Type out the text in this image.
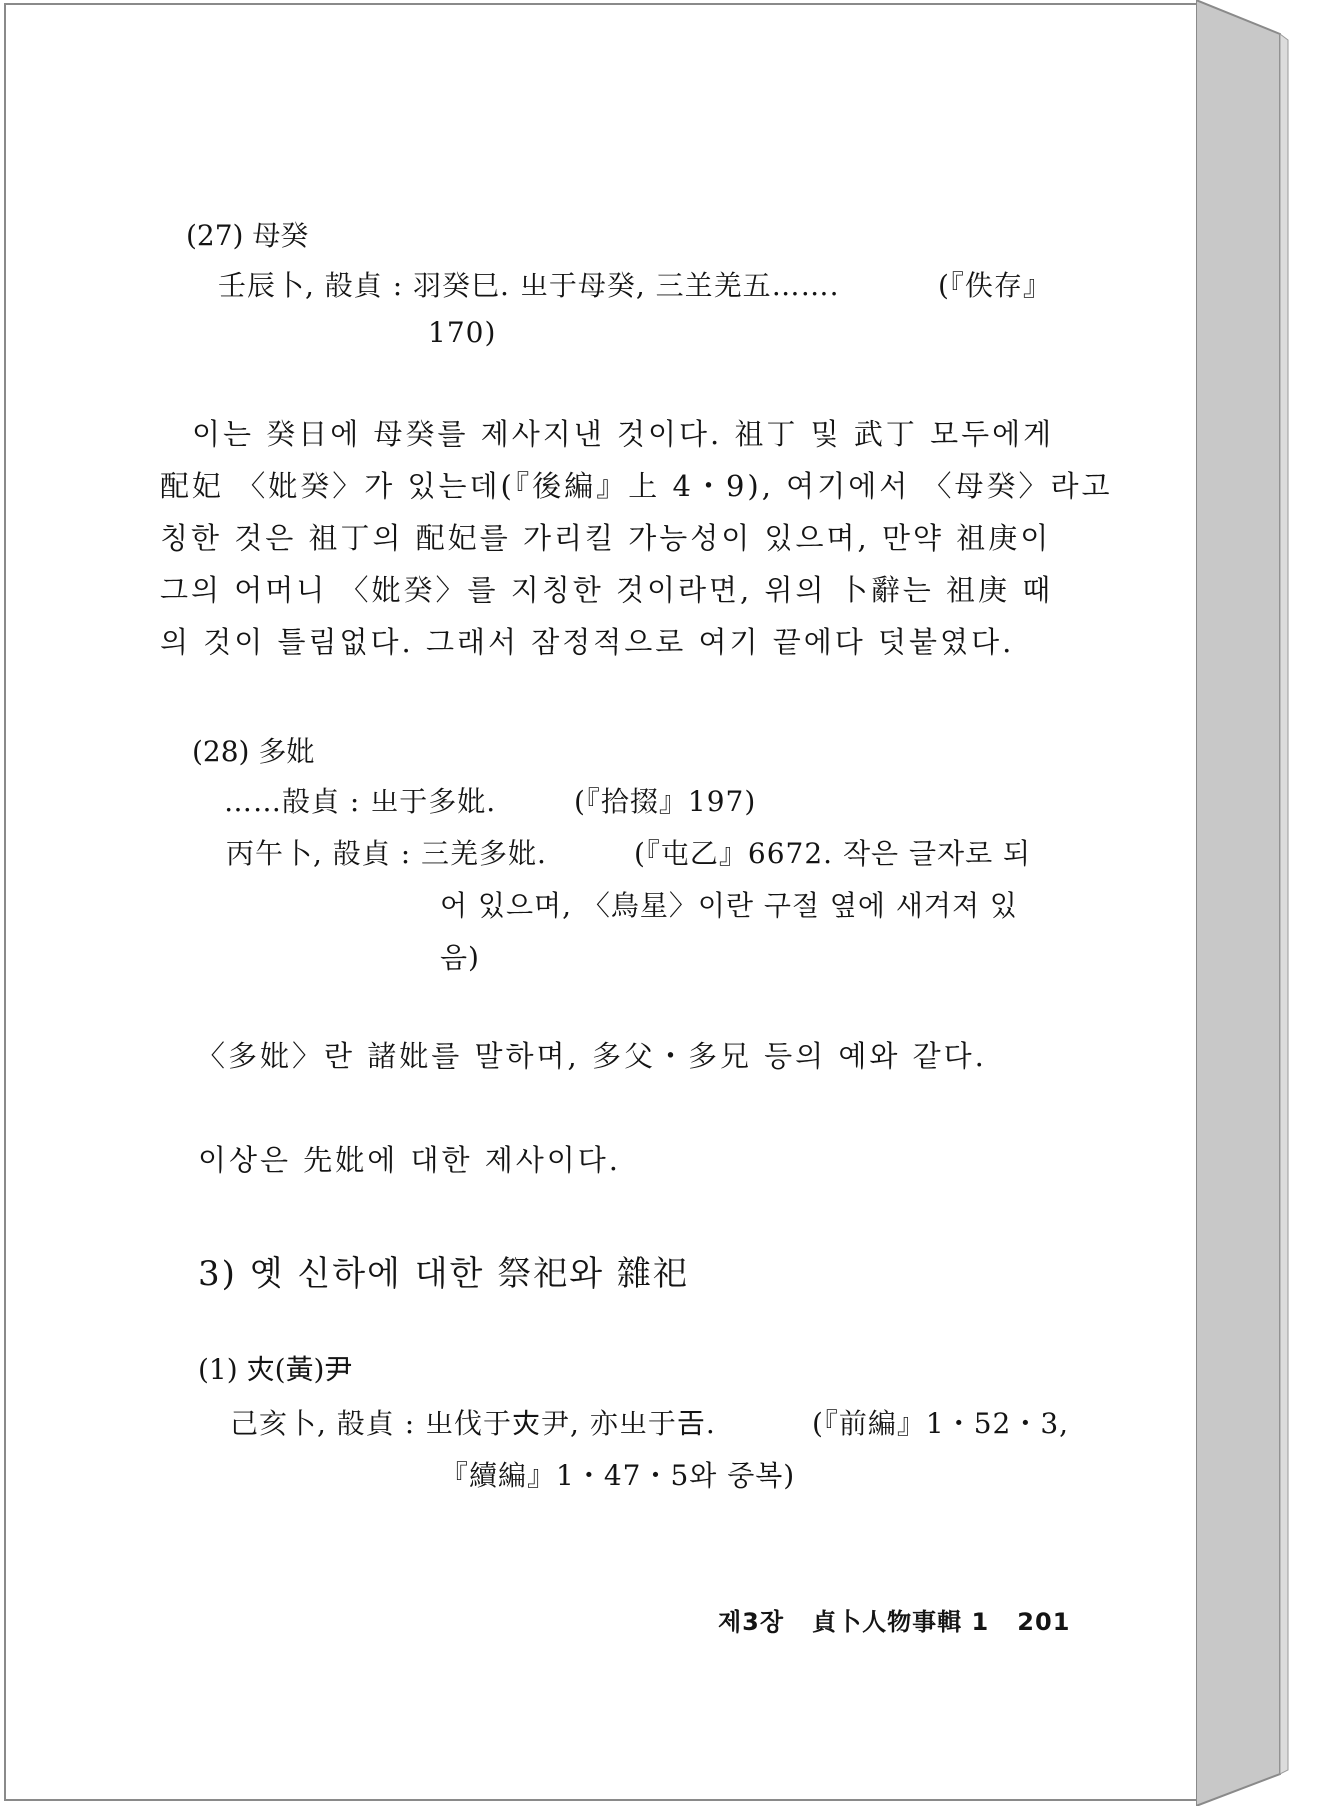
(27) 母癸
壬辰卜, 㱿貞 : 羽癸巳. 㞢于母癸, 三𦍌羌五…….	(『佚存』
170)
이는 癸日에 母癸를 제사지낸 것이다. 祖丁 및 武丁 모두에게
配妃 〈妣癸〉가 있는데(『後編』上 4・9), 여기에서 〈母癸〉라고
칭한 것은 祖丁의 配妃를 가리킬 가능성이 있으며, 만약 祖庚이
그의 어머니 〈妣癸〉를 지칭한 것이라면, 위의 卜辭는 祖庚 때
의 것이 틀림없다. 그래서 잠정적으로 여기 끝에다 덧붙였다.
(28) 多妣
……㱿貞 : 㞢于多妣.	(『拾掇』197)
丙午卜, 㱿貞 : 三羌多妣.	(『屯乙』6672. 작은 글자로 되
어 있으며, 〈鳥星〉이란 구절 옆에 새겨져 있
음)
〈多妣〉란 諸妣를 말하며, 多父・多兄 등의 예와 같다.
이상은 先妣에 대한 제사이다.
3) 옛 신하에 대한 祭祀와 雜祀
(1) 𡗜(黃)尹
己亥卜, 㱿貞 : 㞢伐于𡗜尹, 亦㞢于𢀛.	(『前編』1・52・3,
『續編』1・47・5와 중복)
제3장 貞卜人物事輯 1 201
